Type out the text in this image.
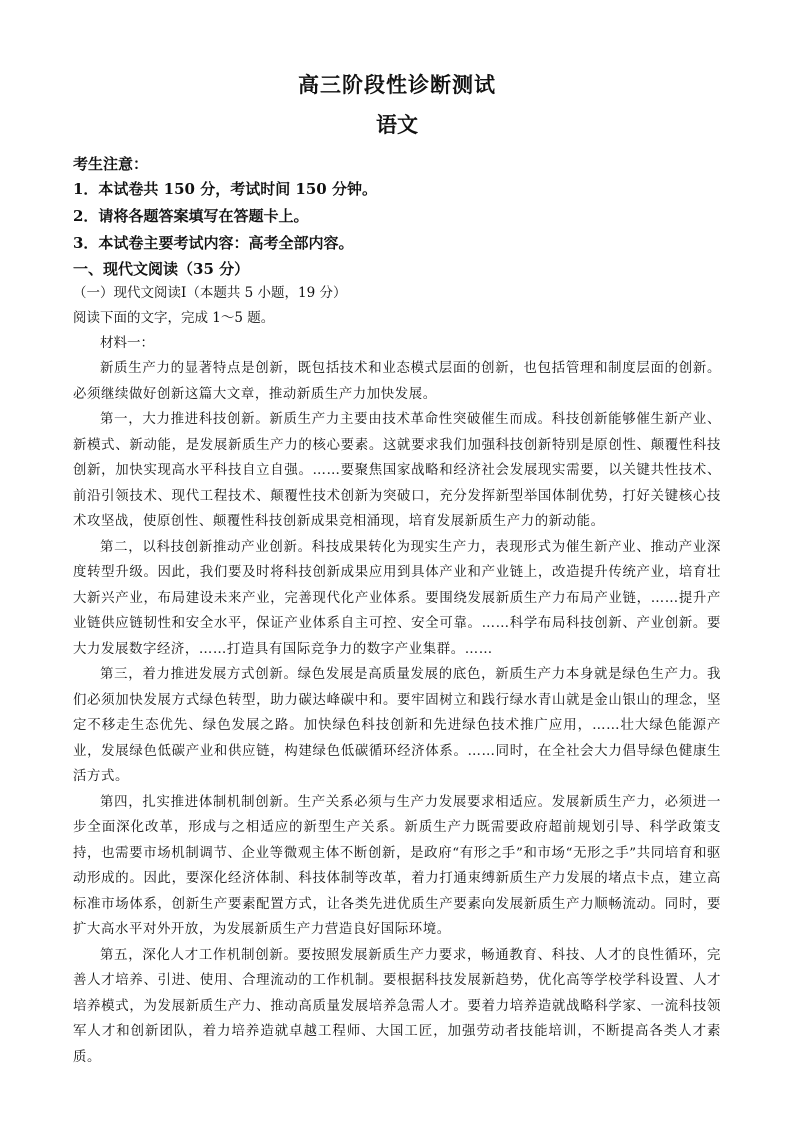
高三阶段性诊断测试
语文
考生注意：
1．本试卷共 150 分，考试时间 150 分钟。
2．请将各题答案填写在答题卡上。
3．本试卷主要考试内容：高考全部内容。
一、现代文阅读（35 分）
（一）现代文阅读Ⅰ（本题共 5 小题，19 分）
阅读下面的文字，完成 1～5 题。
材料一：

新质生产力的显著特点是创新，既包括技术和业态模式层面的创新，也包括管理和制度层面的创新。必须继续做好创新这篇大文章，推动新质生产力加快发展。

第一，大力推进科技创新。新质生产力主要由技术革命性突破催生而成。科技创新能够催生新产业、新模式、新动能，是发展新质生产力的核心要素。这就要求我们加强科技创新特别是原创性、颠覆性科技创新，加快实现高水平科技自立自强。……要聚焦国家战略和经济社会发展现实需要，以关键共性技术、前沿引领技术、现代工程技术、颠覆性技术创新为突破口，充分发挥新型举国体制优势，打好关键核心技术攻坚战，使原创性、颠覆性科技创新成果竞相涌现，培育发展新质生产力的新动能。

第二，以科技创新推动产业创新。科技成果转化为现实生产力，表现形式为催生新产业、推动产业深度转型升级。因此，我们要及时将科技创新成果应用到具体产业和产业链上，改造提升传统产业，培育壮大新兴产业，布局建设未来产业，完善现代化产业体系。要围绕发展新质生产力布局产业链，……提升产业链供应链韧性和安全水平，保证产业体系自主可控、安全可靠。……科学布局科技创新、产业创新。要大力发展数字经济，……打造具有国际竞争力的数字产业集群。……

第三，着力推进发展方式创新。绿色发展是高质量发展的底色，新质生产力本身就是绿色生产力。我们必须加快发展方式绿色转型，助力碳达峰碳中和。要牢固树立和践行绿水青山就是金山银山的理念，坚定不移走生态优先、绿色发展之路。加快绿色科技创新和先进绿色技术推广应用，……壮大绿色能源产业，发展绿色低碳产业和供应链，构建绿色低碳循环经济体系。……同时，在全社会大力倡导绿色健康生活方式。

第四，扎实推进体制机制创新。生产关系必须与生产力发展要求相适应。发展新质生产力，必须进一步全面深化改革，形成与之相适应的新型生产关系。新质生产力既需要政府超前规划引导、科学政策支持，也需要市场机制调节、企业等微观主体不断创新，是政府“有形之手”和市场“无形之手”共同培育和驱动形成的。因此，要深化经济体制、科技体制等改革，着力打通束缚新质生产力发展的堵点卡点，建立高标准市场体系，创新生产要素配置方式，让各类先进优质生产要素向发展新质生产力顺畅流动。同时，要扩大高水平对外开放，为发展新质生产力营造良好国际环境。

第五，深化人才工作机制创新。要按照发展新质生产力要求，畅通教育、科技、人才的良性循环，完善人才培养、引进、使用、合理流动的工作机制。要根据科技发展新趋势，优化高等学校学科设置、人才培养模式，为发展新质生产力、推动高质量发展培养急需人才。要着力培养造就战略科学家、一流科技领军人才和创新团队，着力培养造就卓越工程师、大国工匠，加强劳动者技能培训，不断提高各类人才素质。
